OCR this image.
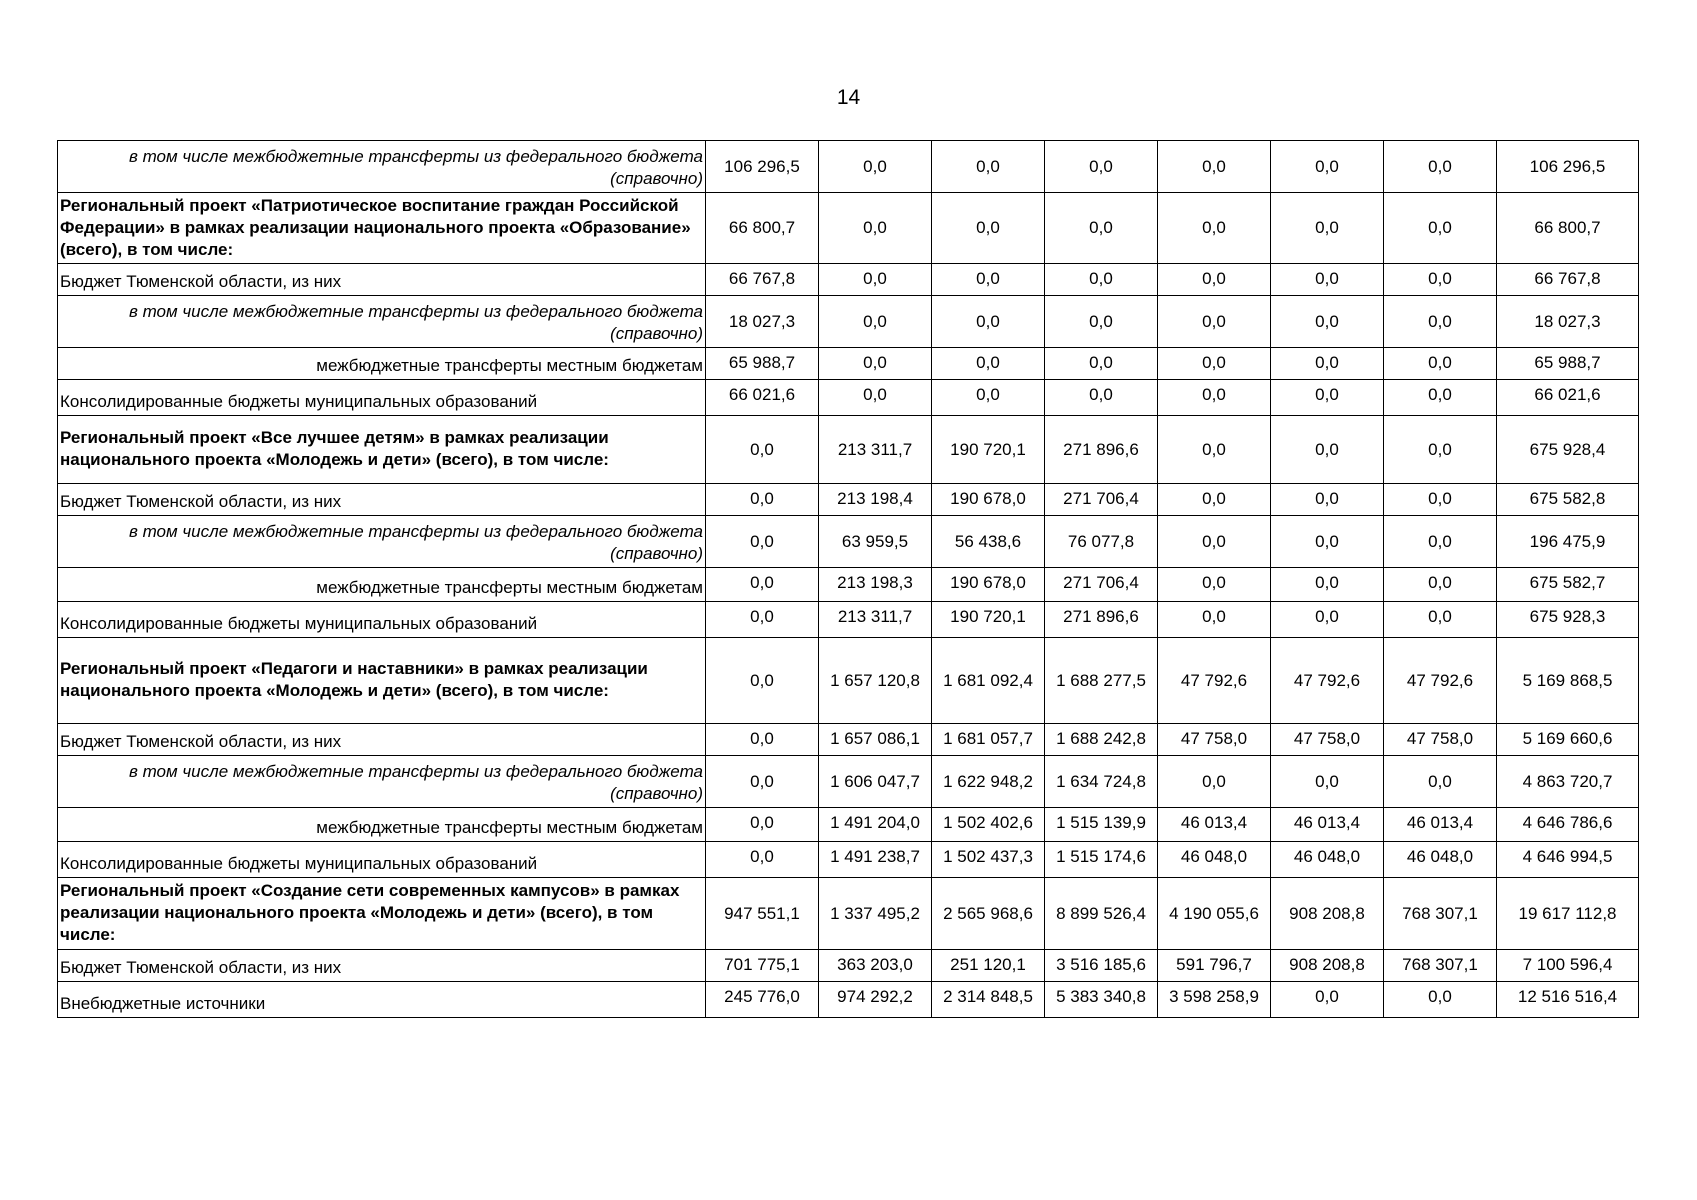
14
в том числе межбюджетные трансферты из федерального бюджета (справочно)	106 296,5	0,0	0,0	0,0	0,0	0,0	0,0	106 296,5
Региональный проект «Патриотическое воспитание граждан Российской Федерации» в рамках реализации национального проекта «Образование» (всего), в том числе:	66 800,7	0,0	0,0	0,0	0,0	0,0	0,0	66 800,7
Бюджет Тюменской области, из них	66 767,8	0,0	0,0	0,0	0,0	0,0	0,0	66 767,8
в том числе межбюджетные трансферты из федерального бюджета (справочно)	18 027,3	0,0	0,0	0,0	0,0	0,0	0,0	18 027,3
межбюджетные трансферты местным бюджетам	65 988,7	0,0	0,0	0,0	0,0	0,0	0,0	65 988,7
Консолидированные бюджеты муниципальных образований	66 021,6	0,0	0,0	0,0	0,0	0,0	0,0	66 021,6
Региональный проект «Все лучшее детям» в рамках реализации национального проекта «Молодежь и дети» (всего), в том числе:	0,0	213 311,7	190 720,1	271 896,6	0,0	0,0	0,0	675 928,4
Бюджет Тюменской области, из них	0,0	213 198,4	190 678,0	271 706,4	0,0	0,0	0,0	675 582,8
в том числе межбюджетные трансферты из федерального бюджета (справочно)	0,0	63 959,5	56 438,6	76 077,8	0,0	0,0	0,0	196 475,9
межбюджетные трансферты местным бюджетам	0,0	213 198,3	190 678,0	271 706,4	0,0	0,0	0,0	675 582,7
Консолидированные бюджеты муниципальных образований	0,0	213 311,7	190 720,1	271 896,6	0,0	0,0	0,0	675 928,3
Региональный проект «Педагоги и наставники» в рамках реализации национального проекта «Молодежь и дети» (всего), в том числе:	0,0	1 657 120,8	1 681 092,4	1 688 277,5	47 792,6	47 792,6	47 792,6	5 169 868,5
Бюджет Тюменской области, из них	0,0	1 657 086,1	1 681 057,7	1 688 242,8	47 758,0	47 758,0	47 758,0	5 169 660,6
в том числе межбюджетные трансферты из федерального бюджета (справочно)	0,0	1 606 047,7	1 622 948,2	1 634 724,8	0,0	0,0	0,0	4 863 720,7
межбюджетные трансферты местным бюджетам	0,0	1 491 204,0	1 502 402,6	1 515 139,9	46 013,4	46 013,4	46 013,4	4 646 786,6
Консолидированные бюджеты муниципальных образований	0,0	1 491 238,7	1 502 437,3	1 515 174,6	46 048,0	46 048,0	46 048,0	4 646 994,5
Региональный проект «Создание сети современных кампусов» в рамках реализации национального проекта «Молодежь и дети» (всего), в том числе:	947 551,1	1 337 495,2	2 565 968,6	8 899 526,4	4 190 055,6	908 208,8	768 307,1	19 617 112,8
Бюджет Тюменской области, из них	701 775,1	363 203,0	251 120,1	3 516 185,6	591 796,7	908 208,8	768 307,1	7 100 596,4
Внебюджетные источники	245 776,0	974 292,2	2 314 848,5	5 383 340,8	3 598 258,9	0,0	0,0	12 516 516,4
